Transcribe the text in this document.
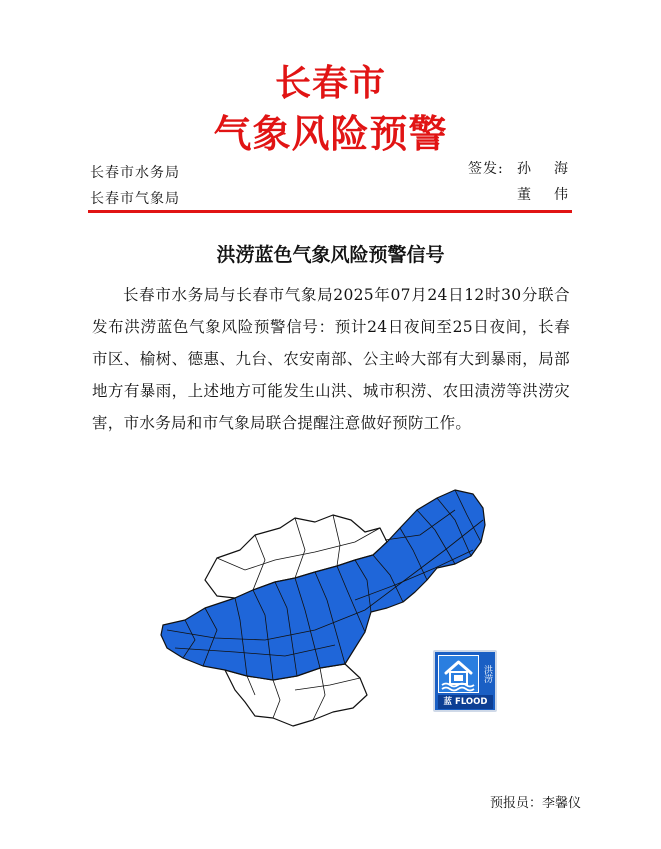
长春市
气象风险预警
长春市水务局
长春市气象局
签发: 孙海
董伟
洪涝蓝色气象风险预警信号

长春市水务局与长春市气象局2025年07月24日12时30分联合发布洪涝蓝色气象风险预警信号：预计24日夜间至25日夜间，长春市区、榆树、德惠、九台、农安南部、公主岭大部有大到暴雨，局部地方有暴雨，上述地方可能发生山洪、城市积涝、农田渍涝等洪涝灾害，市水务局和市气象局联合提醒注意做好预防工作。

洪涝
蓝 FLOOD
预报员：李馨仪
